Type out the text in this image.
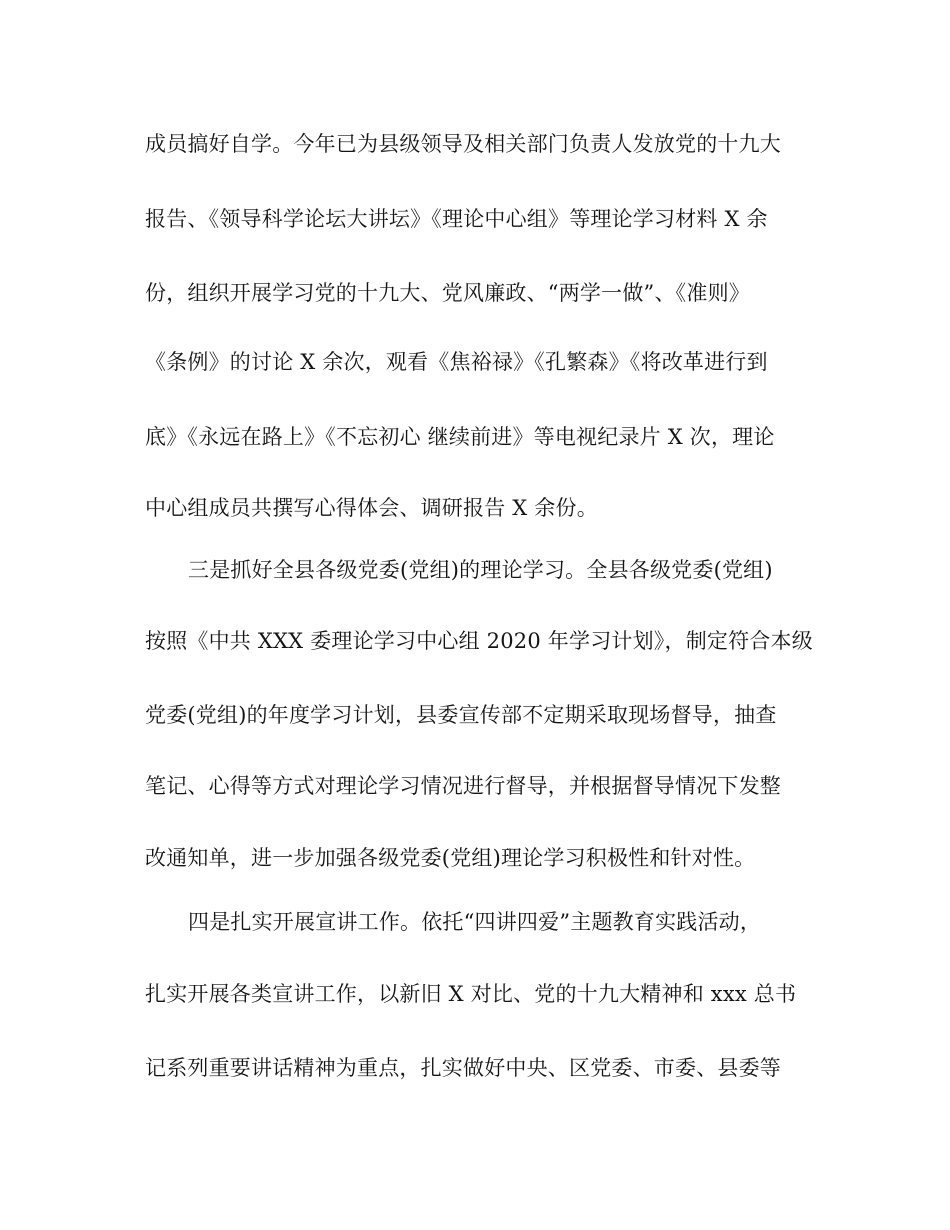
成员搞好自学。今年已为县级领导及相关部门负责人发放党的十九大
报告、《领导科学论坛大讲坛》《理论中心组》等理论学习材料 X 余
份，组织开展学习党的十九大、党风廉政、“两学一做”、《准则》
《条例》的讨论 X 余次，观看《焦裕禄》《孔繁森》《将改革进行到
底》《永远在路上》《不忘初心 继续前进》等电视纪录片 X 次，理论
中心组成员共撰写心得体会、调研报告 X 余份。
三是抓好全县各级党委(党组)的理论学习。全县各级党委(党组)
按照《中共 XXX 委理论学习中心组 2020 年学习计划》，制定符合本级
党委(党组)的年度学习计划，县委宣传部不定期采取现场督导，抽查
笔记、心得等方式对理论学习情况进行督导，并根据督导情况下发整
改通知单，进一步加强各级党委(党组)理论学习积极性和针对性。
四是扎实开展宣讲工作。依托“四讲四爱”主题教育实践活动，
扎实开展各类宣讲工作，以新旧 X 对比、党的十九大精神和 xxx 总书
记系列重要讲话精神为重点，扎实做好中央、区党委、市委、县委等
